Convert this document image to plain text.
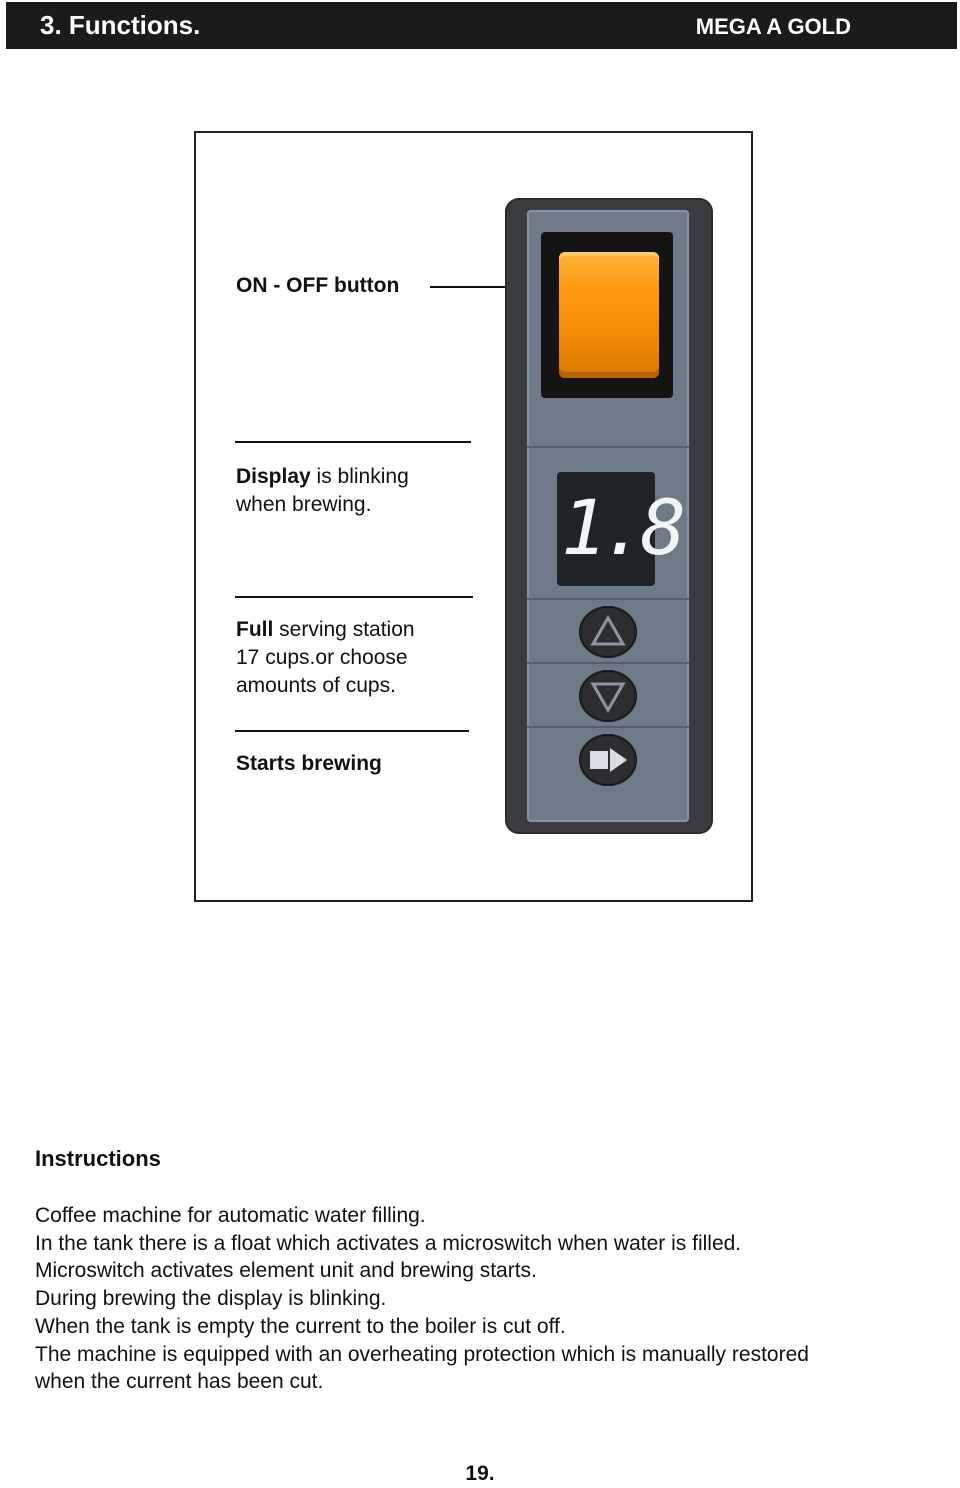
3. Functions.	MEGA A GOLD
ON - OFF button
Display is blinking
when brewing.
Full serving station
17 cups.or choose
amounts of cups.
Starts brewing
1.8
Instructions
Coffee machine for automatic water filling.
In the tank there is a float which activates a microswitch when water is filled.
Microswitch activates element unit and brewing starts.
During brewing the display is blinking.
When the tank is empty the current to the boiler is cut off.
The machine is equipped with an overheating protection which is manually restored
when the current has been cut.
19.
